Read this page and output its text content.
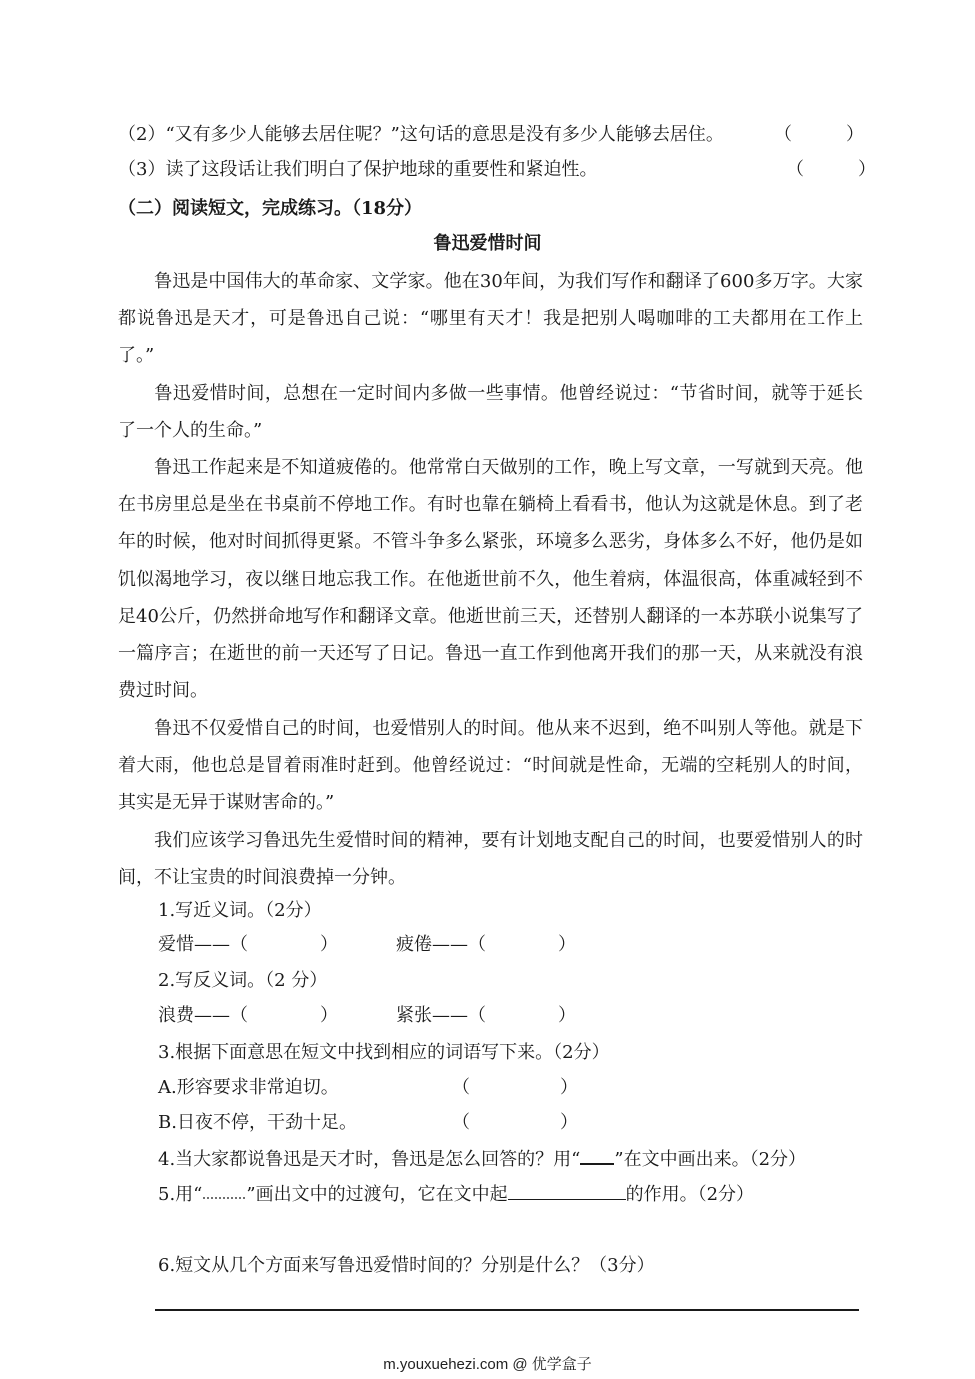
（2）“又有多少人能够去居住呢？”这句话的意思是没有多少人能够去居住。	（　　　）
（3）读了这段话让我们明白了保护地球的重要性和紧迫性。	（　　　）
（二）阅读短文，完成练习。（18分）
鲁迅爱惜时间
鲁迅是中国伟大的革命家、文学家。他在30年间，为我们写作和翻译了600多万字。大家都说鲁迅是天才，可是鲁迅自己说：“哪里有天才！我是把别人喝咖啡的工夫都用在工作上了。”
鲁迅爱惜时间，总想在一定时间内多做一些事情。他曾经说过：“节省时间，就等于延长了一个人的生命。”
鲁迅工作起来是不知道疲倦的。他常常白天做别的工作，晚上写文章，一写就到天亮。他在书房里总是坐在书桌前不停地工作。有时也靠在躺椅上看看书，他认为这就是休息。到了老年的时候，他对时间抓得更紧。不管斗争多么紧张，环境多么恶劣，身体多么不好，他仍是如饥似渴地学习，夜以继日地忘我工作。在他逝世前不久，他生着病，体温很高，体重减轻到不足40公斤，仍然拼命地写作和翻译文章。他逝世前三天，还替别人翻译的一本苏联小说集写了一篇序言；在逝世的前一天还写了日记。鲁迅一直工作到他离开我们的那一天，从来就没有浪费过时间。
鲁迅不仅爱惜自己的时间，也爱惜别人的时间。他从来不迟到，绝不叫别人等他。就是下着大雨，他也总是冒着雨准时赶到。他曾经说过：“时间就是性命，无端的空耗别人的时间，其实是无异于谋财害命的。”
我们应该学习鲁迅先生爱惜时间的精神，要有计划地支配自己的时间，也要爱惜别人的时间，不让宝贵的时间浪费掉一分钟。
1.写近义词。（2分）
爱惜——（　　　　）	疲倦——（　　　　）
2.写反义词。（2 分）
浪费——（　　　　）	紧张——（　　　　）
3.根据下面意思在短文中找到相应的词语写下来。（2分）
A.形容要求非常迫切。	（　　　　　）
B.日夜不停，干劲十足。	（　　　　　）
4.当大家都说鲁迅是天才时，鲁迅是怎么回答的？用“ ”在文中画出来。（2分）
5.用“ ”画出文中的过渡句，它在文中起	的作用。（2分）
6.短文从几个方面来写鲁迅爱惜时间的？分别是什么？（3分）
m.youxuehezi.com @ 优学盒子
